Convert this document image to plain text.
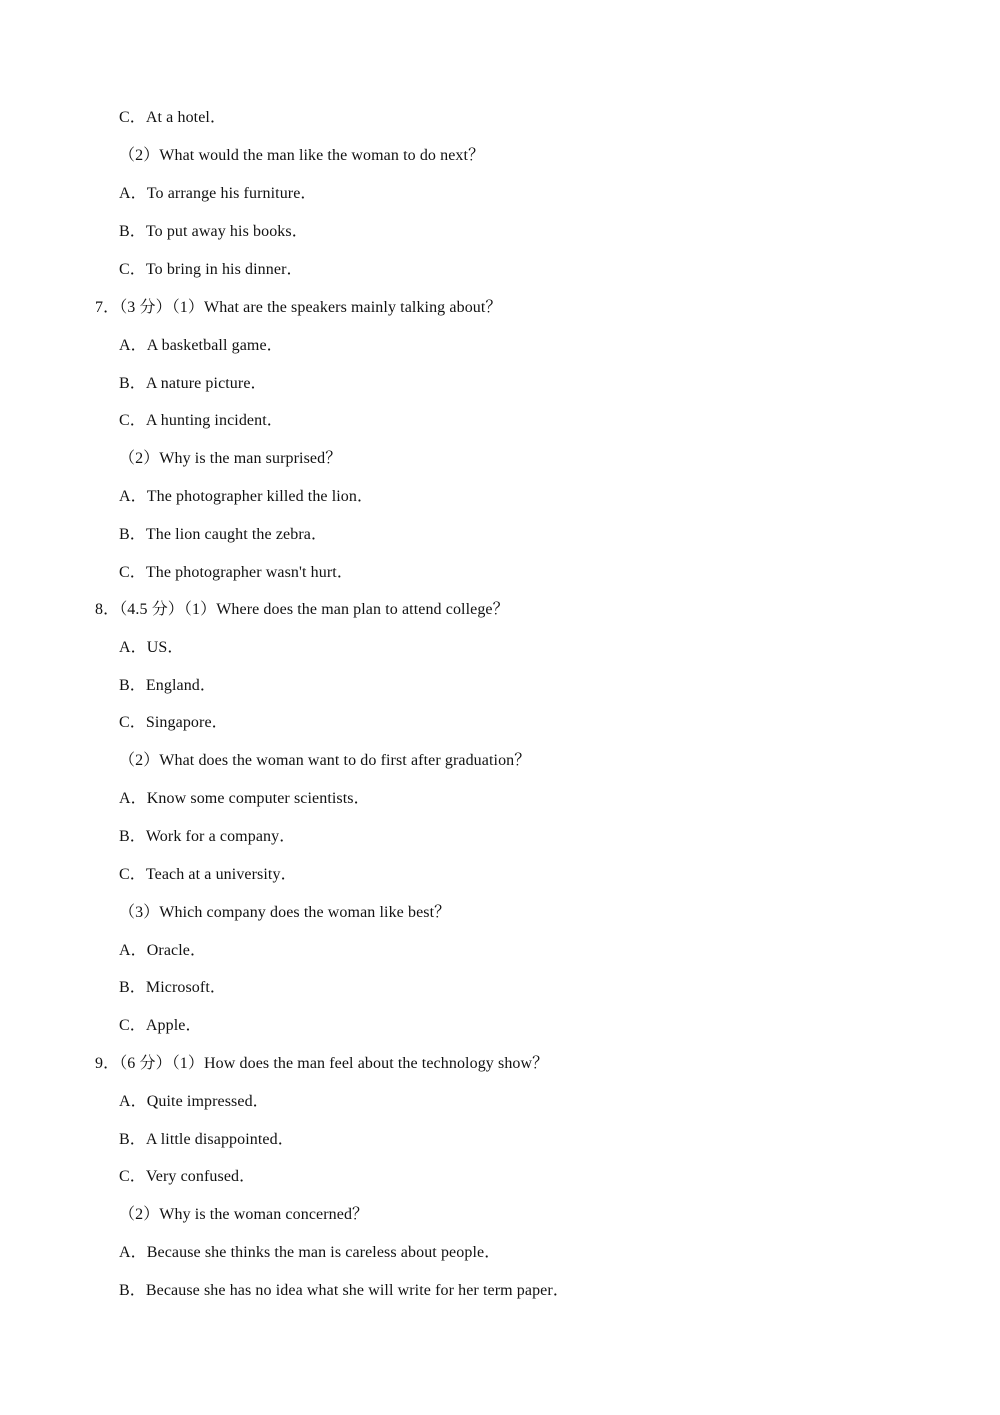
C．At a hotel．
（2）What would the man like the woman to do next？
A．To arrange his furniture．
B．To put away his books．
C．To bring in his dinner．
7．（3 分）（1）What are the speakers mainly talking about？
A．A basketball game．
B．A nature picture．
C．A hunting incident．
（2）Why is the man surprised？
A．The photographer killed the lion．
B．The lion caught the zebra．
C．The photographer wasn't hurt．
8．（4.5 分）（1）Where does the man plan to attend college？
A．US．
B．England．
C．Singapore．
（2）What does the woman want to do first after graduation？
A．Know some computer scientists．
B．Work for a company．
C．Teach at a university．
（3）Which company does the woman like best？
A．Oracle．
B．Microsoft．
C．Apple．
9．（6 分）（1）How does the man feel about the technology show？
A．Quite impressed．
B．A little disappointed．
C．Very confused．
（2）Why is the woman concerned？
A．Because she thinks the man is careless about people．
B．Because she has no idea what she will write for her term paper．
